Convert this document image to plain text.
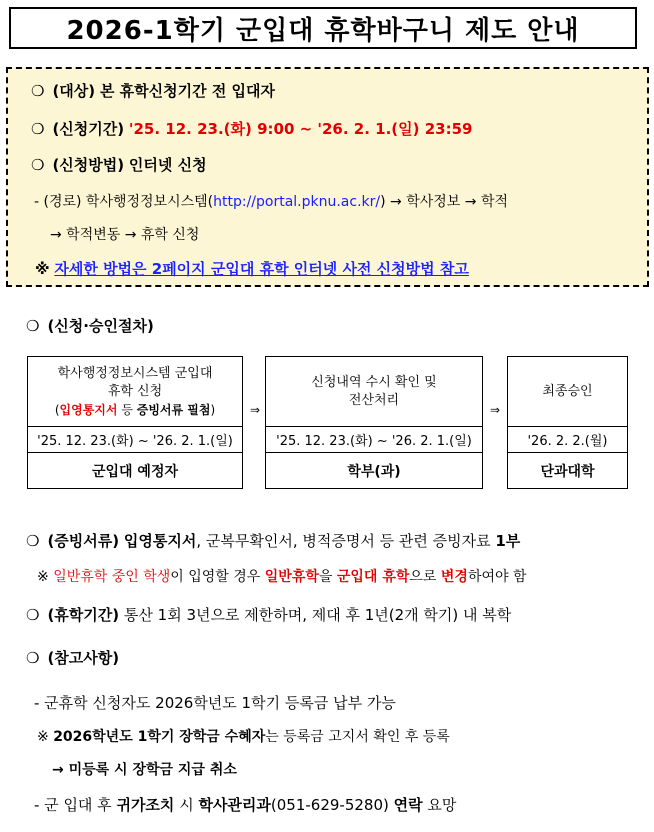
2026-1학기 군입대 휴학바구니 제도 안내
❍ (대상) 본 휴학신청기간 전 입대자
❍ (신청기간) '25. 12. 23.(화) 9:00 ~ '26. 2. 1.(일) 23:59
❍ (신청방법) 인터넷 신청
- (경로) 학사행정정보시스템(http://portal.pknu.ac.kr/) → 학사정보 → 학적
→ 학적변동 → 휴학 신청
※ 자세한 방법은 2페이지 군입대 휴학 인터넷 사전 신청방법 참고
❍ (신청·승인절차)
학사행정정보시스템 군입대
휴학 신청
(입영통지서 등 증빙서류 필첨)
'25. 12. 23.(화) ~ '26. 2. 1.(일)
군입대 예정자
⇒
신청내역 수시 확인 및
전산처리
'25. 12. 23.(화) ~ '26. 2. 1.(일)
학부(과)
⇒
최종승인
'26. 2. 2.(월)
단과대학
❍ (증빙서류) 입영통지서, 군복무확인서, 병적증명서 등 관련 증빙자료 1부
※ 일반휴학 중인 학생이 입영할 경우 일반휴학을 군입대 휴학으로 변경하여야 함
❍ (휴학기간) 통산 1회 3년으로 제한하며, 제대 후 1년(2개 학기) 내 복학
❍ (참고사항)
- 군휴학 신청자도 2026학년도 1학기 등록금 납부 가능
※ 2026학년도 1학기 장학금 수혜자는 등록금 고지서 확인 후 등록
→ 미등록 시 장학금 지급 취소
- 군 입대 후 귀가조치 시 학사관리과(051-629-5280) 연락 요망
